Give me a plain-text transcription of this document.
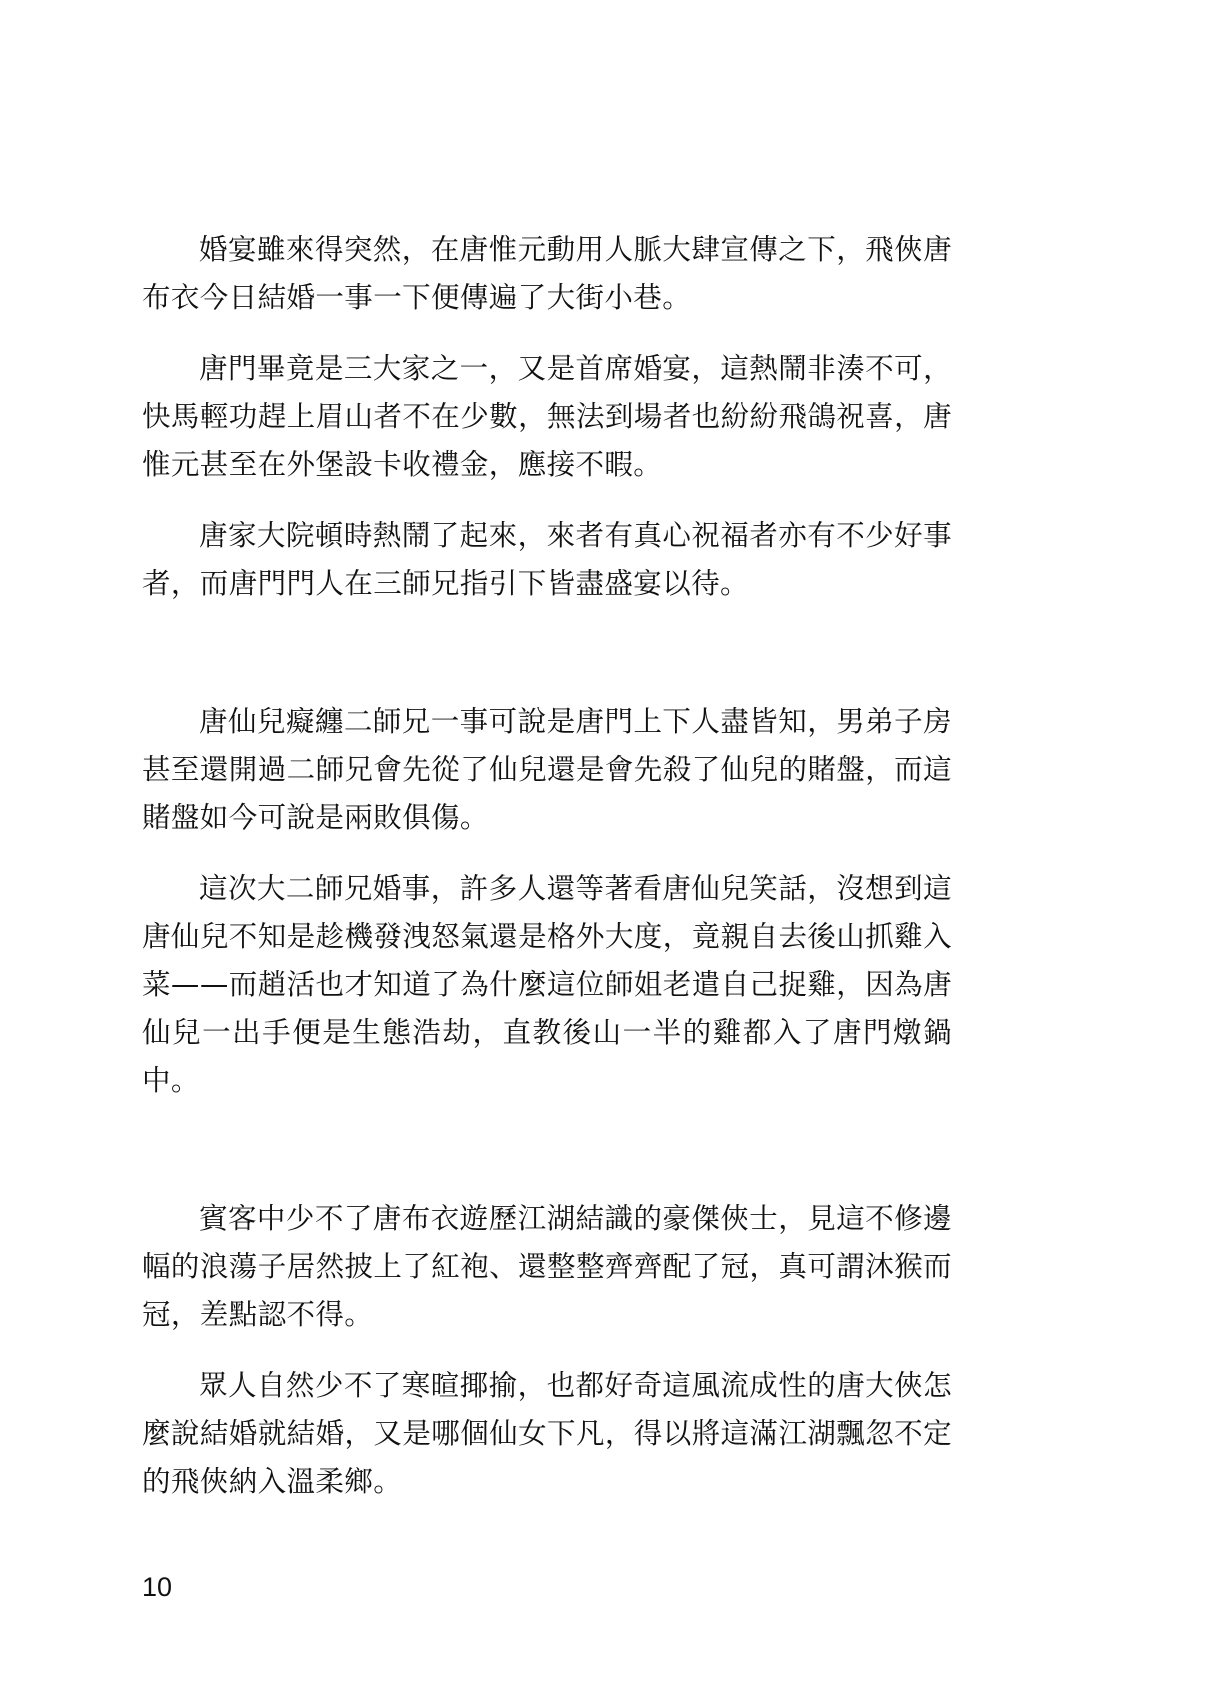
婚宴雖來得突然，在唐惟元動用人脈大肆宣傳之下，飛俠唐布衣今日結婚一事一下便傳遍了大街小巷。

唐門畢竟是三大家之一，又是首席婚宴，這熱鬧非湊不可，快馬輕功趕上眉山者不在少數，無法到場者也紛紛飛鴿祝喜，唐惟元甚至在外堡設卡收禮金，應接不暇。

唐家大院頓時熱鬧了起來，來者有真心祝福者亦有不少好事者，而唐門門人在三師兄指引下皆盡盛宴以待。

唐仙兒癡纏二師兄一事可說是唐門上下人盡皆知，男弟子房甚至還開過二師兄會先從了仙兒還是會先殺了仙兒的賭盤，而這賭盤如今可說是兩敗俱傷。

這次大二師兄婚事，許多人還等著看唐仙兒笑話，沒想到這唐仙兒不知是趁機發洩怒氣還是格外大度，竟親自去後山抓雞入菜——而趙活也才知道了為什麼這位師姐老遣自己捉雞，因為唐仙兒一出手便是生態浩劫，直教後山一半的雞都入了唐門燉鍋中。

賓客中少不了唐布衣遊歷江湖結識的豪傑俠士，見這不修邊幅的浪蕩子居然披上了紅袍、還整整齊齊配了冠，真可謂沐猴而冠，差點認不得。

眾人自然少不了寒暄揶揄，也都好奇這風流成性的唐大俠怎麼說結婚就結婚，又是哪個仙女下凡，得以將這滿江湖飄忽不定的飛俠納入溫柔鄉。

10
